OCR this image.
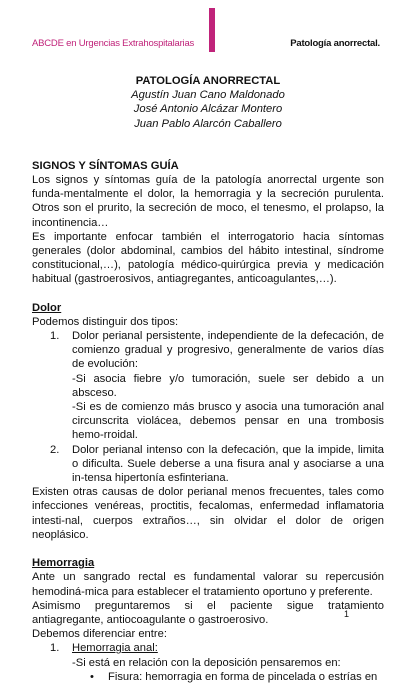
ABCDE en Urgencias Extrahospitalarias	Patología anorrectal.

PATOLOGÍA ANORRECTAL

Agustín Juan Cano Maldonado

José Antonio Alcázar Montero

Juan Pablo Alarcón Caballero

SIGNOS Y SÍNTOMAS GUÍA

Los signos y síntomas guía de la patología anorrectal urgente son funda-mentalmente el dolor, la hemorragia y la secreción purulenta. Otros son el prurito, la secreción de moco, el tenesmo, el prolapso, la incontinencia…

Es importante enfocar también el interrogatorio hacia síntomas generales (dolor abdominal, cambios del hábito intestinal, síndrome constitucional,…), patología médico-quirúrgica previa y medicación habitual (gastroerosivos, antiagregantes, anticoagulantes,…).

Dolor

Podemos distinguir dos tipos:

1. Dolor perianal persistente, independiente de la defecación, de comienzo gradual y progresivo, generalmente de varios días de evolución:
-Si asocia fiebre y/o tumoración, suele ser debido a un absceso.
-Si es de comienzo más brusco y asocia una tumoración anal circunscrita violácea, debemos pensar en una trombosis hemo-rroidal.
2. Dolor perianal intenso con la defecación, que la impide, limita o dificulta. Suele deberse a una fisura anal y asociarse a una in-tensa hipertonía esfinteriana.

Existen otras causas de dolor perianal menos frecuentes, tales como infecciones venéreas, proctitis, fecalomas, enfermedad inflamatoria intesti-nal, cuerpos extraños…, sin olvidar el dolor de origen neoplásico.

Hemorragia

Ante un sangrado rectal es fundamental valorar su repercusión hemodiná-mica para establecer el tratamiento oportuno y preferente.

Asimismo preguntaremos si el paciente sigue tratamiento antiagregante, antiocoagulante o gastroerosivo.

Debemos diferenciar entre:

1. Hemorragia anal:
-Si está en relación con la deposición pensaremos en:
• Fisura: hemorragia en forma de pincelada o estrías en
1
